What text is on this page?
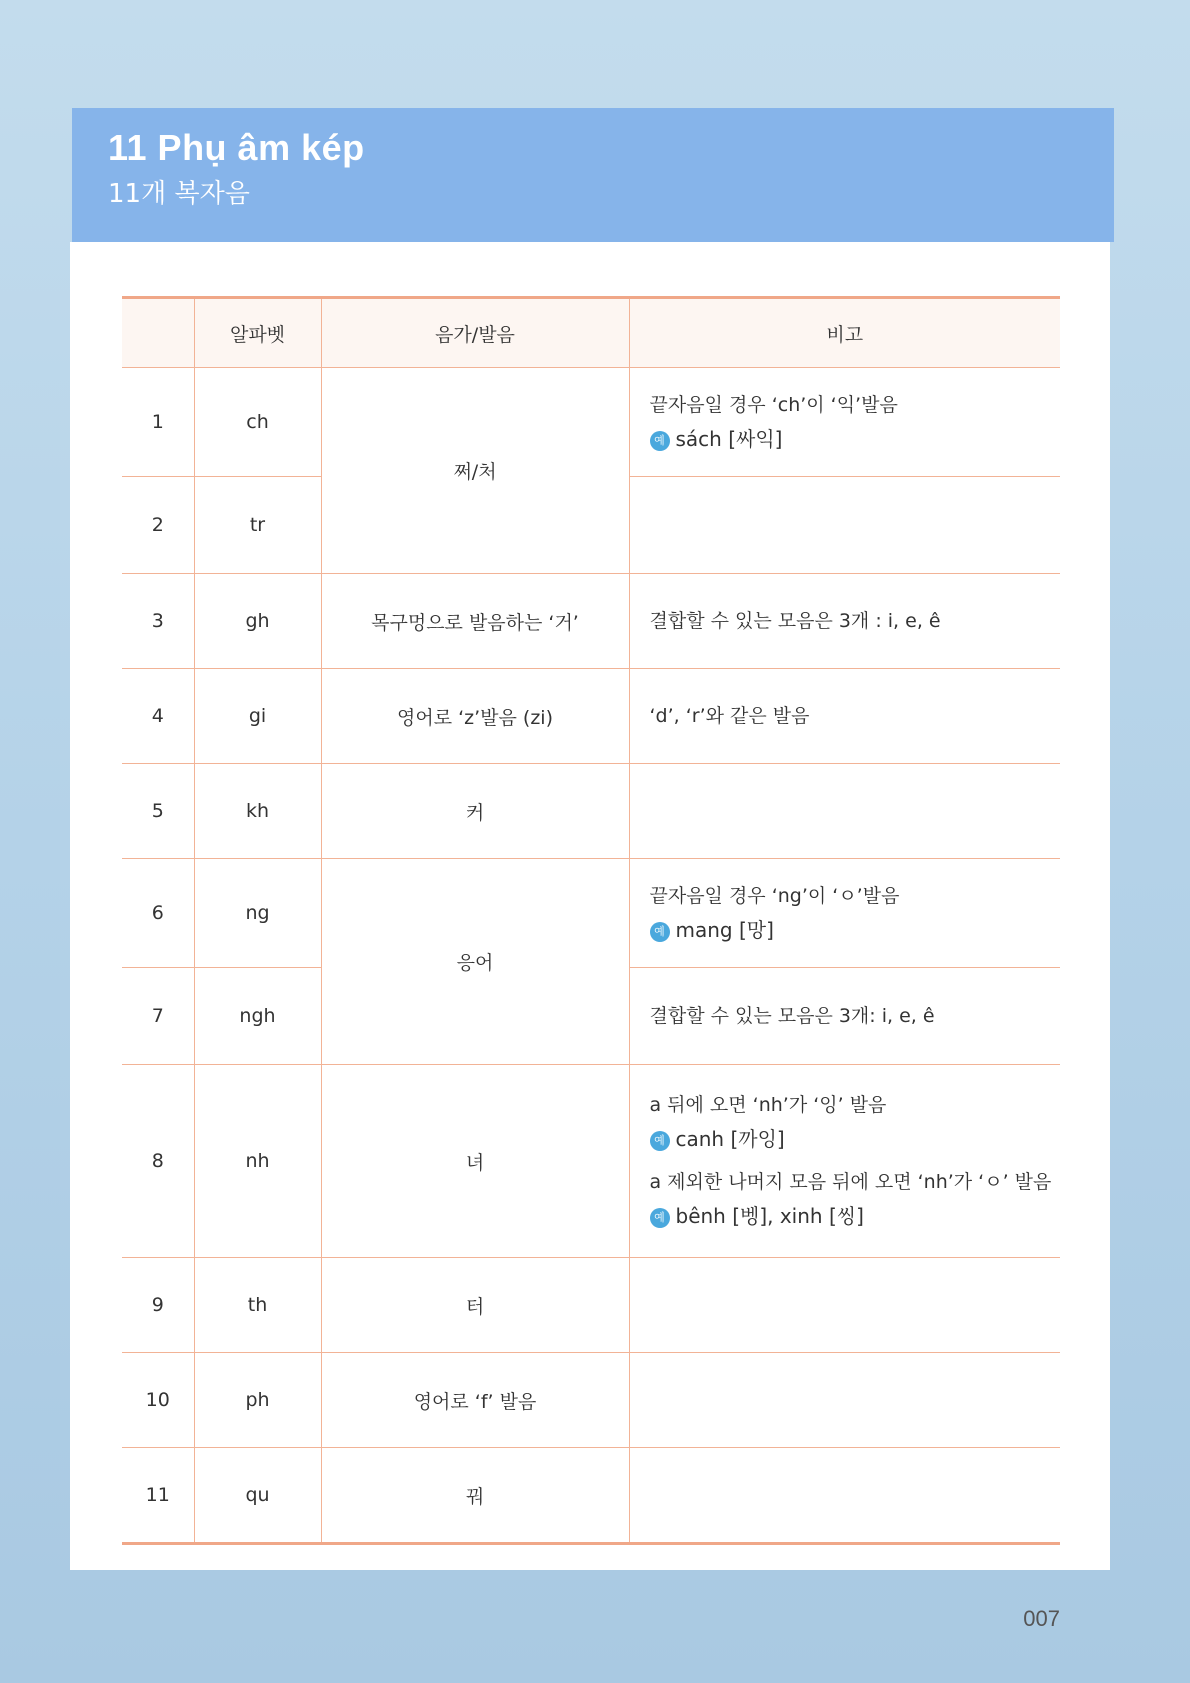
11 Phụ âm kép
11개 복자음
	알파벳	음가/발음	비고
1	ch	쩌/처	끝자음일 경우 ‘ch’이 ‘익’발음
예 sách [싸익]

2	tr		
3	gh	목구멍으로 발음하는 ‘거’	결합할 수 있는 모음은 3개 : i, e, ê
4	gi	영어로 ‘z’발음 (zi)	‘d’, ‘r’와 같은 발음
5	kh	커	
6	ng	응어	끝자음일 경우 ‘ng’이 ‘ㅇ’발음
예 mang [망]

7	ngh		결합할 수 있는 모음은 3개: i, e, ê
8	nh	녀	a 뒤에 오면 ‘nh’가 ‘잉’ 발음
예 canh [까잉]
a 제외한 나머지 모음 뒤에 오면 ‘nh’가 ‘ㅇ’ 발음
예 bênh [벵], xinh [씽]

9	th	터	
10	ph	영어로 ‘f’ 발음	
11	qu	꿔	
007
